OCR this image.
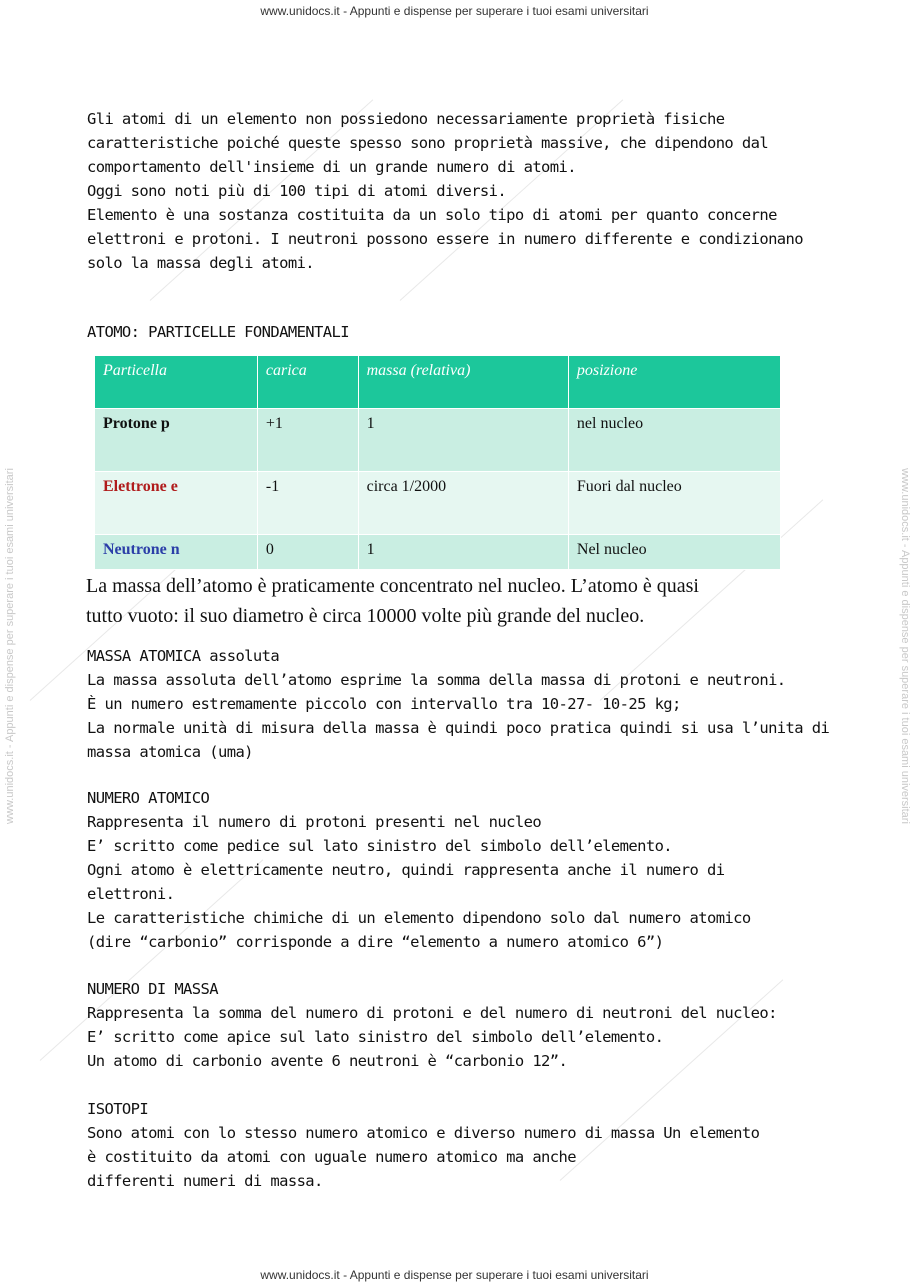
www.unidocs.it - Appunti e dispense per superare i tuoi esami universitari
www.unidocs.it - Appunti e dispense per superare i tuoi esami universitari	www.unidocs.it - Appunti e dispense per superare i tuoi esami universitari
Gli atomi di un elemento non possiedono necessariamente proprietà fisiche
caratteristiche poiché queste spesso sono proprietà massive, che dipendono dal
comportamento dell'insieme di un grande numero di atomi.
Oggi sono noti più di 100 tipi di atomi diversi.
Elemento è una sostanza costituita da un solo tipo di atomi per quanto concerne
elettroni e protoni. I neutroni possono essere in numero differente e condizionano
solo la massa degli atomi.
ATOMO: PARTICELLE FONDAMENTALI
Particella	carica	massa (relativa)	posizione
Protone p	+1	1	nel nucleo
Elettrone e	-1	circa 1/2000	Fuori dal nucleo
Neutrone n	0	1	Nel nucleo
La massa dell’atomo è praticamente concentrato nel nucleo. L’atomo è quasi
tutto vuoto: il suo diametro è circa 10000 volte più grande del nucleo.
MASSA ATOMICA assoluta
La massa assoluta dell’atomo esprime la somma della massa di protoni e neutroni.
È un numero estremamente piccolo con intervallo tra 10-27- 10-25 kg;
La normale unità di misura della massa è quindi poco pratica quindi si usa l’unita di
massa atomica (uma)
NUMERO ATOMICO
Rappresenta il numero di protoni presenti nel nucleo
E’ scritto come pedice sul lato sinistro del simbolo dell’elemento.
Ogni atomo è elettricamente neutro, quindi rappresenta anche il numero di
elettroni.
Le caratteristiche chimiche di un elemento dipendono solo dal numero atomico
(dire “carbonio” corrisponde a dire “elemento a numero atomico 6”)
NUMERO DI MASSA
Rappresenta la somma del numero di protoni e del numero di neutroni del nucleo:
E’ scritto come apice sul lato sinistro del simbolo dell’elemento.
Un atomo di carbonio avente 6 neutroni è “carbonio 12”.
ISOTOPI
Sono atomi con lo stesso numero atomico e diverso numero di massa Un elemento
è costituito da atomi con uguale numero atomico ma anche
differenti numeri di massa.
www.unidocs.it - Appunti e dispense per superare i tuoi esami universitari
